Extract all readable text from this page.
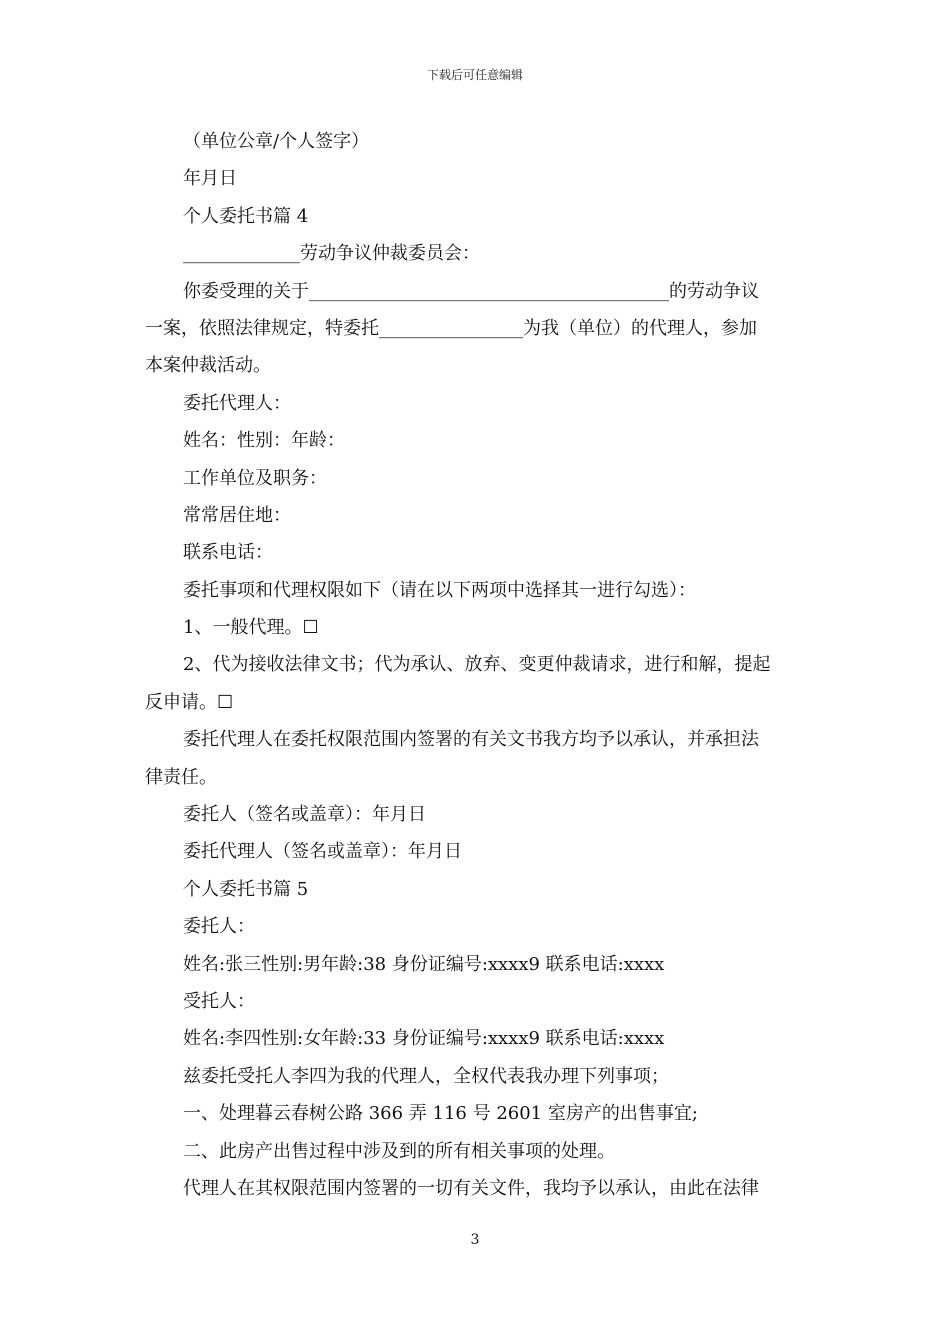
下载后可任意编辑
（单位公章/个人签字）
年月日
个人委托书篇 4
_____________劳动争议仲裁委员会：
你委受理的关于________________________________________的劳动争议
一案，依照法律规定，特委托________________为我（单位）的代理人，参加
本案仲裁活动。
委托代理人：
姓名：性别：年龄：
工作单位及职务：
常常居住地：
联系电话：
委托事项和代理权限如下（请在以下两项中选择其一进行勾选）：
1、一般代理。☐
2、代为接收法律文书；代为承认、放弃、变更仲裁请求，进行和解，提起
反申请。☐
委托代理人在委托权限范围内签署的有关文书我方均予以承认，并承担法
律责任。
委托人（签名或盖章）：年月日
委托代理人（签名或盖章）：年月日
个人委托书篇 5
委托人：
姓名:张三性别:男年龄:38 身份证编号:xxxx9 联系电话:xxxx
受托人：
姓名:李四性别:女年龄:33 身份证编号:xxxx9 联系电话:xxxx
兹委托受托人李四为我的代理人，全权代表我办理下列事项；
一、处理暮云春树公路 366 弄 116 号 2601 室房产的出售事宜;
二、此房产出售过程中涉及到的所有相关事项的处理。
代理人在其权限范围内签署的一切有关文件，我均予以承认，由此在法律
3
